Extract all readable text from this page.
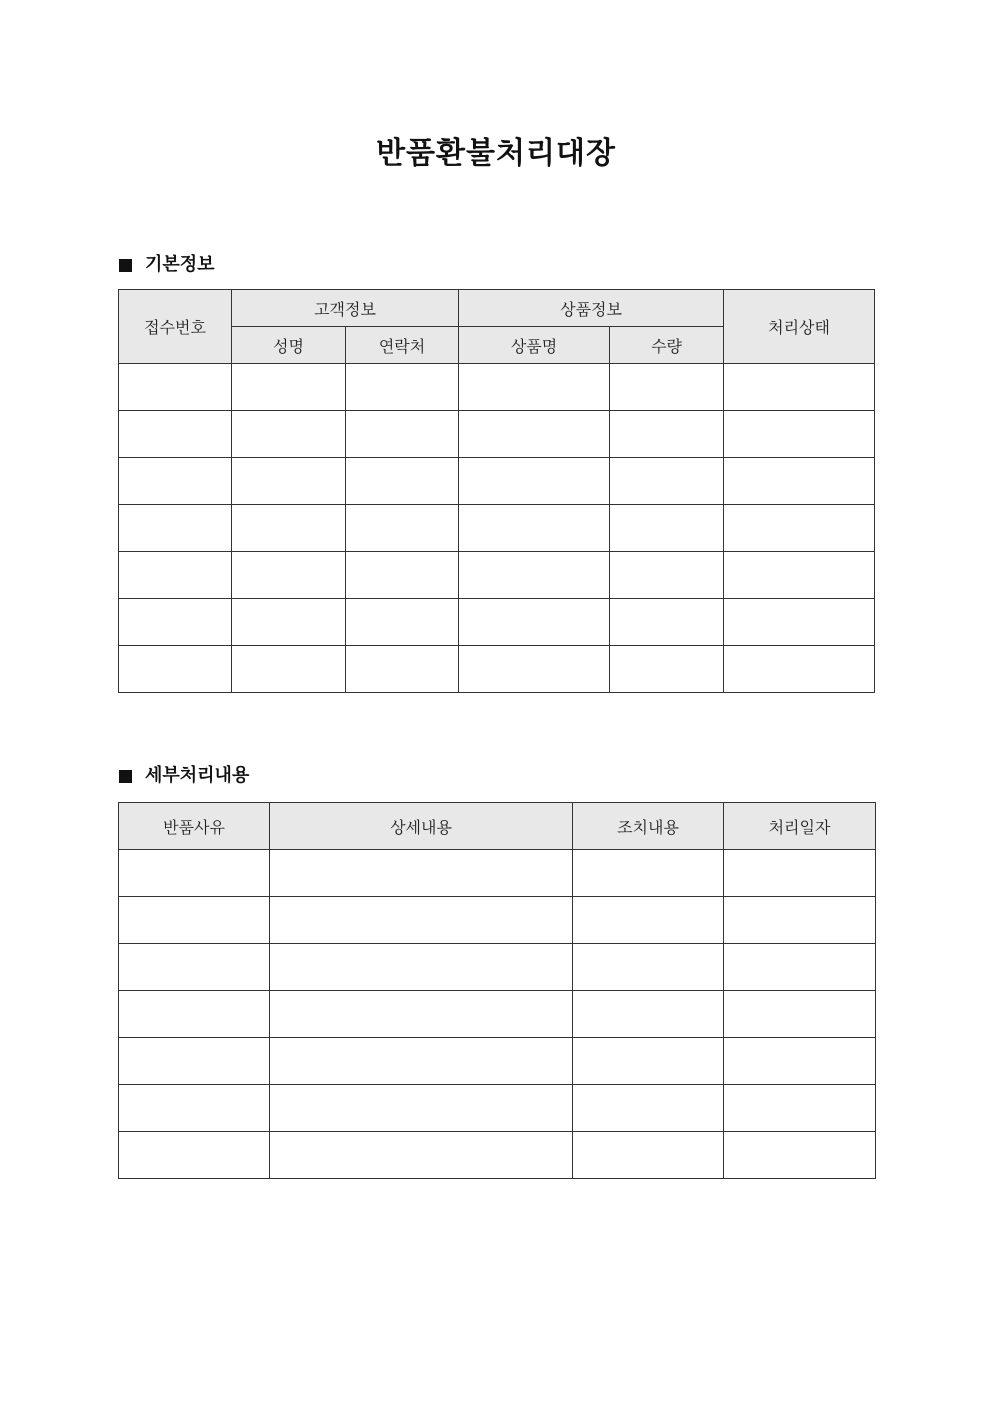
반품환불처리대장
기본정보
접수번호	고객정보		상품정보		처리상태
	성명	연락처	상품명	수량	

세부처리내용
반품사유	상세내용	조치내용	처리일자
